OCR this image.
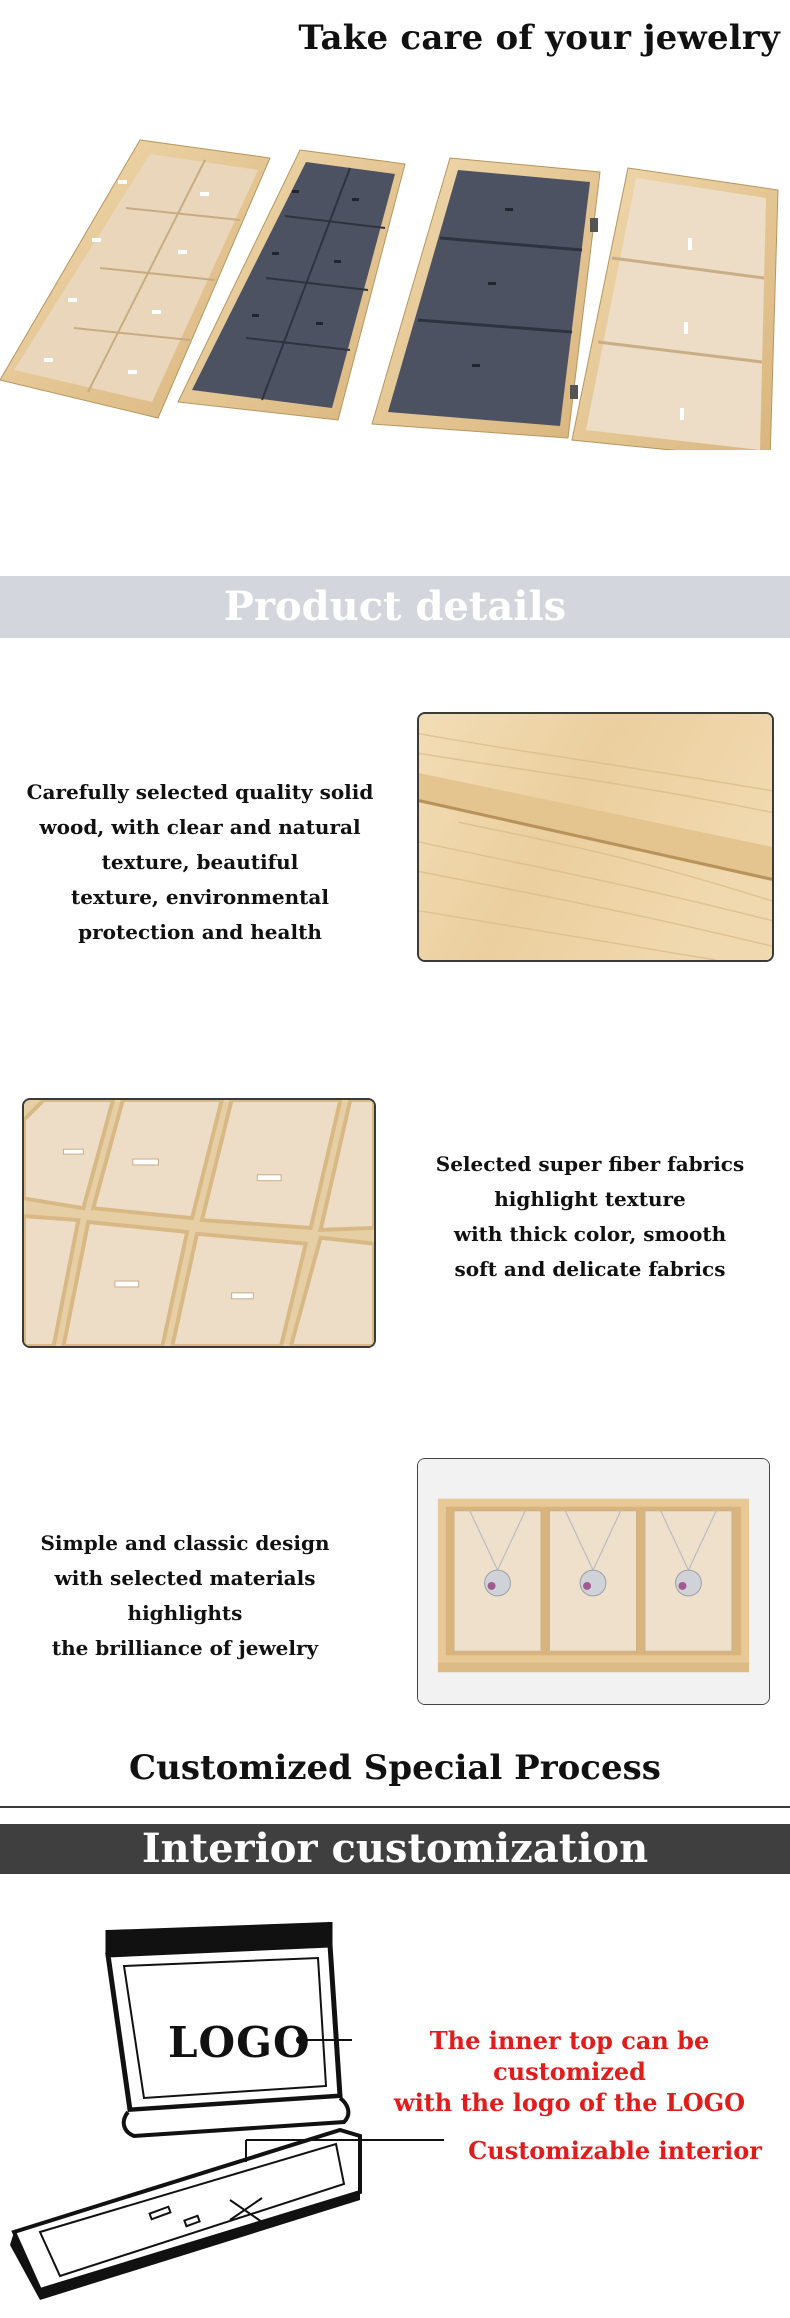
Take care of your jewelry
Product details

Carefully selected quality solid

wood, with clear and natural

texture, beautiful

texture, environmental

protection and health

Selected super fiber fabrics

highlight texture

with thick color, smooth

soft and delicate fabrics

Simple and classic design

with selected materials

highlights

the brilliance of jewelry

Customized Special Process
Interior customization
LOGO	The inner top can be customized

with the logo of the LOGO

Customizable interior
